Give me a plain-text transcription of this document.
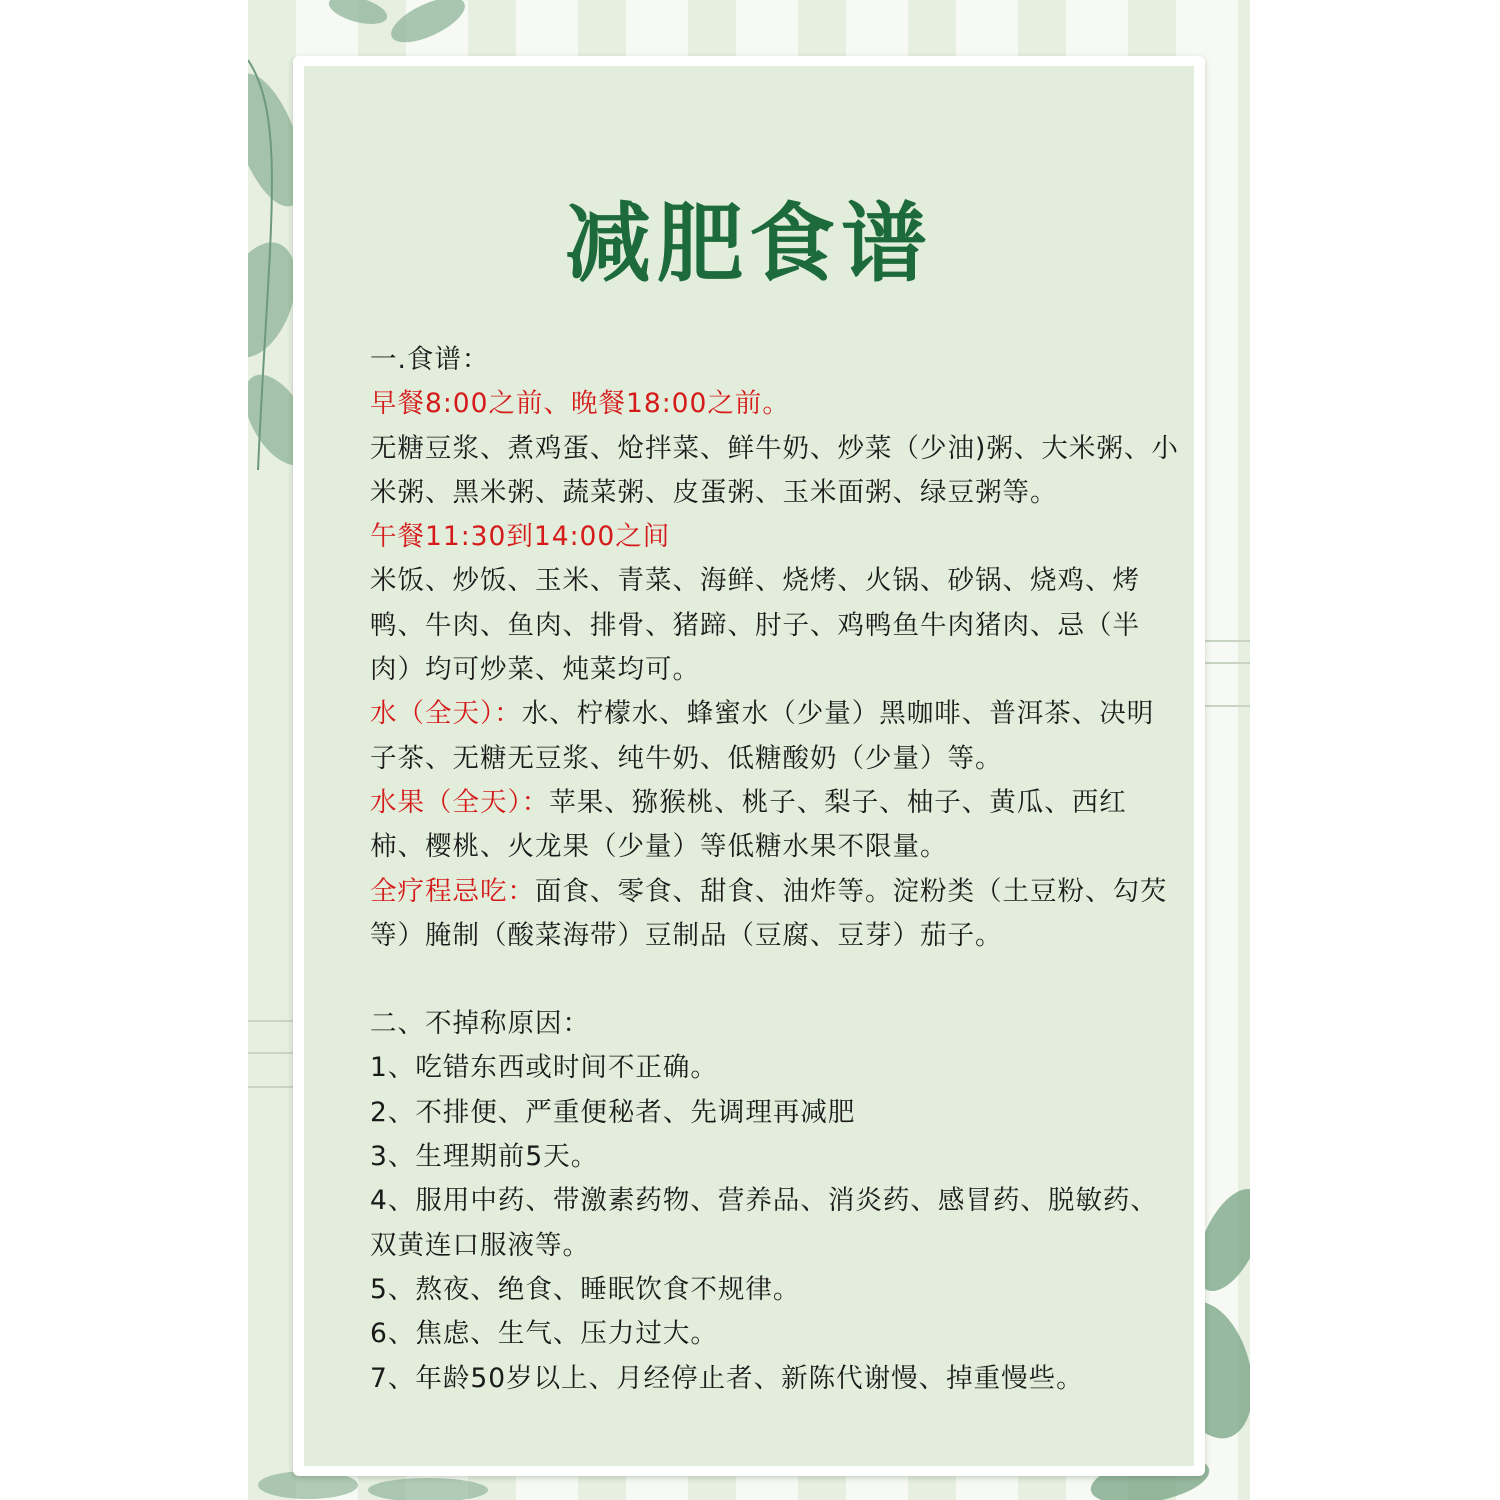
减肥食谱

一.食谱：

早餐8:00之前、晚餐18:00之前。

无糖豆浆、煮鸡蛋、炝拌菜、鲜牛奶、炒菜（少油)粥、大米粥、小米粥、黑米粥、蔬菜粥、皮蛋粥、玉米面粥、绿豆粥等。

午餐11:30到14:00之间

米饭、炒饭、玉米、青菜、海鲜、烧烤、火锅、砂锅、烧鸡、烤鸭、牛肉、鱼肉、排骨、猪蹄、肘子、鸡鸭鱼牛肉猪肉、忌（半肉）均可炒菜、炖菜均可。

水（全天）：水、柠檬水、蜂蜜水（少量）黑咖啡、普洱茶、决明子茶、无糖无豆浆、纯牛奶、低糖酸奶（少量）等。

水果（全天）：苹果、猕猴桃、桃子、梨子、柚子、黄瓜、西红柿、樱桃、火龙果（少量）等低糖水果不限量。

全疗程忌吃：面食、零食、甜食、油炸等。淀粉类（土豆粉、勾芡等）腌制（酸菜海带）豆制品（豆腐、豆芽）茄子。

二、不掉称原因：

1、吃错东西或时间不正确。

2、不排便、严重便秘者、先调理再减肥

3、生理期前5天。

4、服用中药、带激素药物、营养品、消炎药、感冒药、脱敏药、双黄连口服液等。

5、熬夜、绝食、睡眠饮食不规律。

6、焦虑、生气、压力过大。

7、年龄50岁以上、月经停止者、新陈代谢慢、掉重慢些。
